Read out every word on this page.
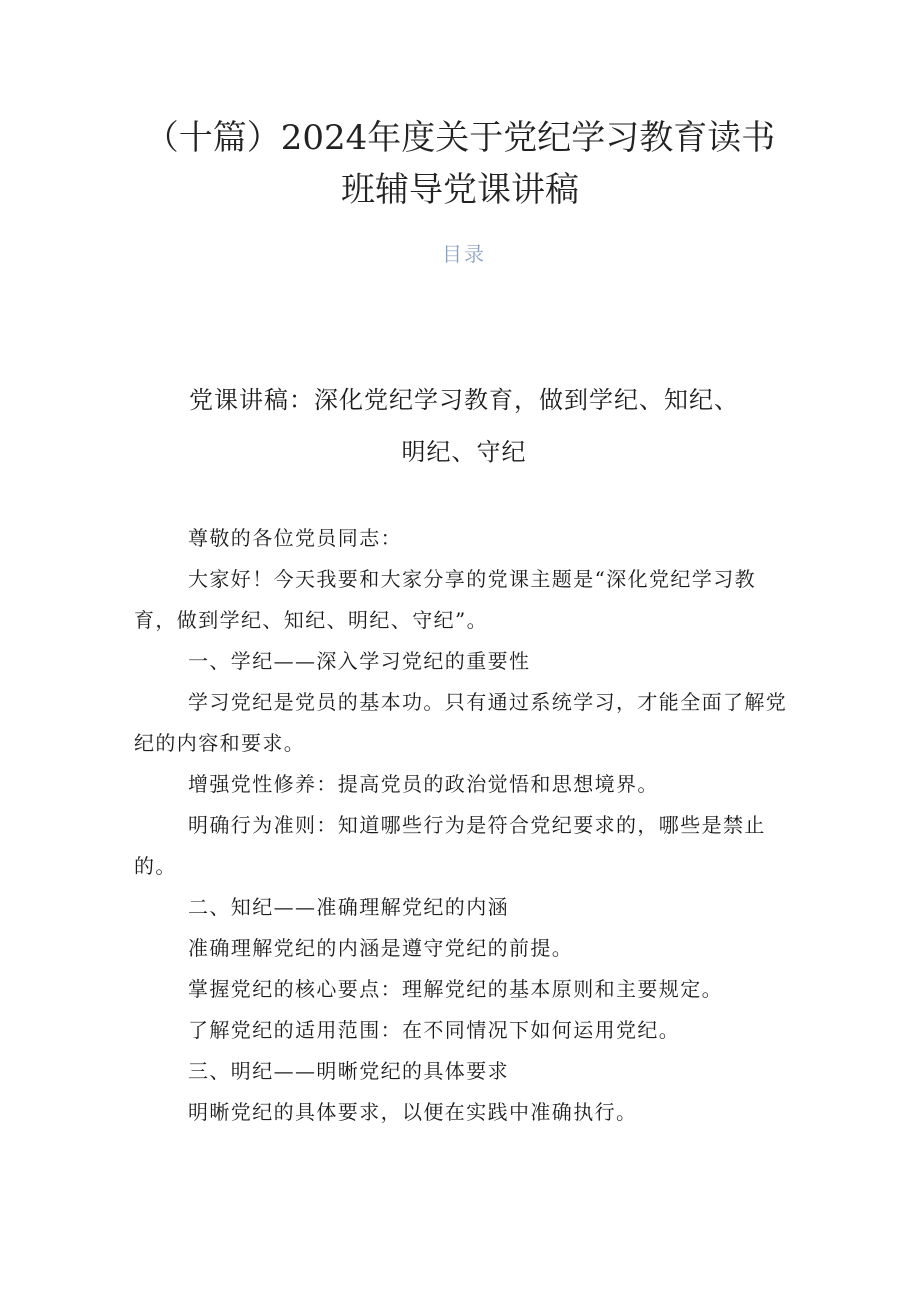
（十篇）2024年度关于党纪学习教育读书
班辅导党课讲稿
目录
党课讲稿：深化党纪学习教育，做到学纪、知纪、
明纪、守纪

尊敬的各位党员同志：

大家好！今天我要和大家分享的党课主题是“深化党纪学习教育，做到学纪、知纪、明纪、守纪”。

一、学纪——深入学习党纪的重要性

学习党纪是党员的基本功。只有通过系统学习，才能全面了解党纪的内容和要求。

增强党性修养：提高党员的政治觉悟和思想境界。

明确行为准则：知道哪些行为是符合党纪要求的，哪些是禁止的。

二、知纪——准确理解党纪的内涵

准确理解党纪的内涵是遵守党纪的前提。

掌握党纪的核心要点：理解党纪的基本原则和主要规定。

了解党纪的适用范围：在不同情况下如何运用党纪。

三、明纪——明晰党纪的具体要求

明晰党纪的具体要求，以便在实践中准确执行。
